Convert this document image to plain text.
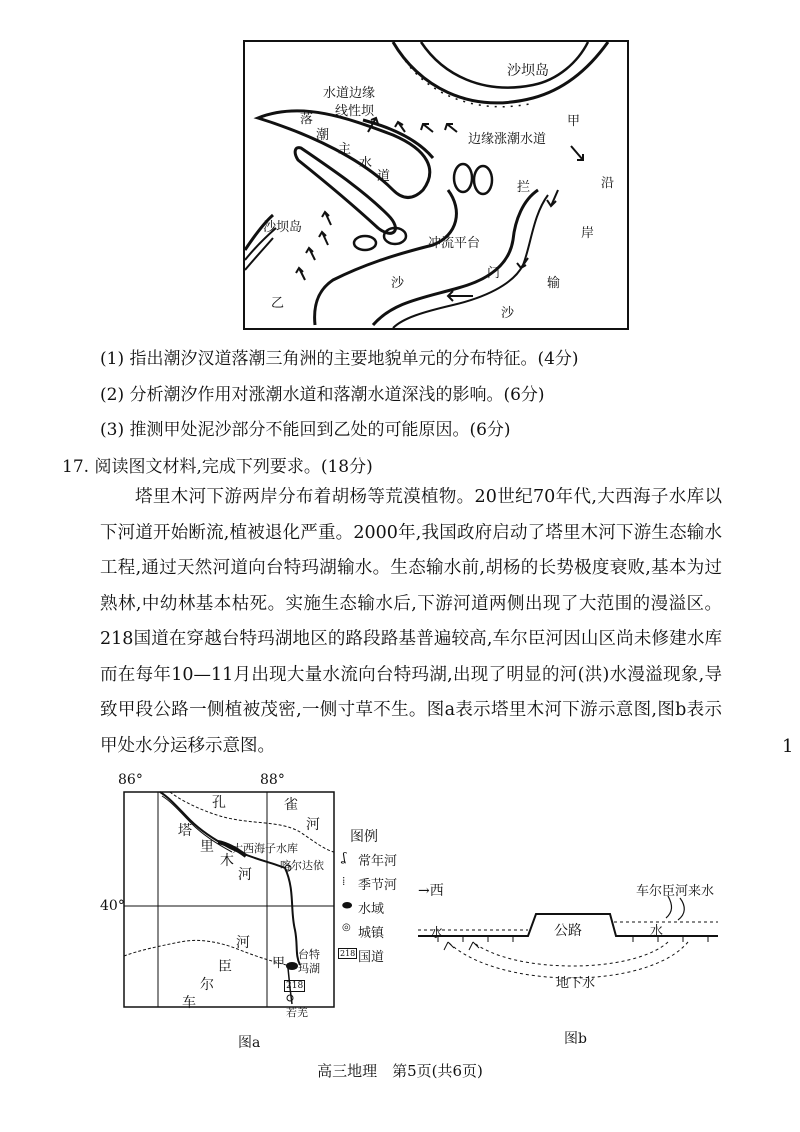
沙坝岛
水道边缘
线性坝
落
潮
主
水
道
边缘涨潮水道
甲
沿
岸
输
沙
拦
门
沙
冲流平台
沙坝岛
乙
(1) 指出潮汐汊道落潮三角洲的主要地貌单元的分布特征。(4分)
(2) 分析潮汐作用对涨潮水道和落潮水道深浅的影响。(6分)
(3) 推测甲处泥沙部分不能回到乙处的可能原因。(6分)
17. 阅读图文材料,完成下列要求。(18分)
塔里木河下游两岸分布着胡杨等荒漠植物。20世纪70年代,大西海子水库以下河道开始断流,植被退化严重。2000年,我国政府启动了塔里木河下游生态输水工程,通过天然河道向台特玛湖输水。生态输水前,胡杨的长势极度衰败,基本为过熟林,中幼林基本枯死。实施生态输水后,下游河道两侧出现了大范围的漫溢区。218国道在穿越台特玛湖地区的路段路基普遍较高,车尔臣河因山区尚未修建水库而在每年10—11月出现大量水流向台特玛湖,出现了明显的河(洪)水漫溢现象,导致甲段公路一侧植被茂密,一侧寸草不生。图a表示塔里木河下游示意图,图b表示甲处水分运移示意图。	1
86°	88°
40°
孔	雀
河
塔
里
木
河
大西海子水库
喀尔达依
河
臣
尔
车
甲
台特
玛湖
218
若羌
图a
图例
ʆ 常年河
⁞ 季节河
⬬ 水域
◎ 城镇
218 国道
→西	车尔臣河来水
水	水
公路
地下水
图b
高三地理　第5页(共6页)
